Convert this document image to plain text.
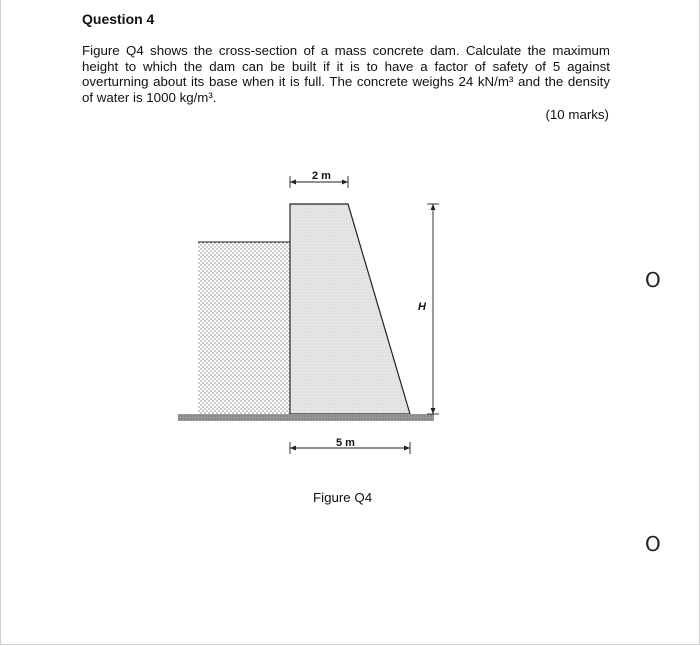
Question 4
Figure Q4 shows the cross-section of a mass concrete dam. Calculate the maximum height to which the dam can be built if it is to have a factor of safety of 5 against overturning about its base when it is full. The concrete weighs 24 kN/m³ and the density of water is 1000 kg/m³.
(10 marks)
2 m
H
5 m
Figure Q4
O
O
